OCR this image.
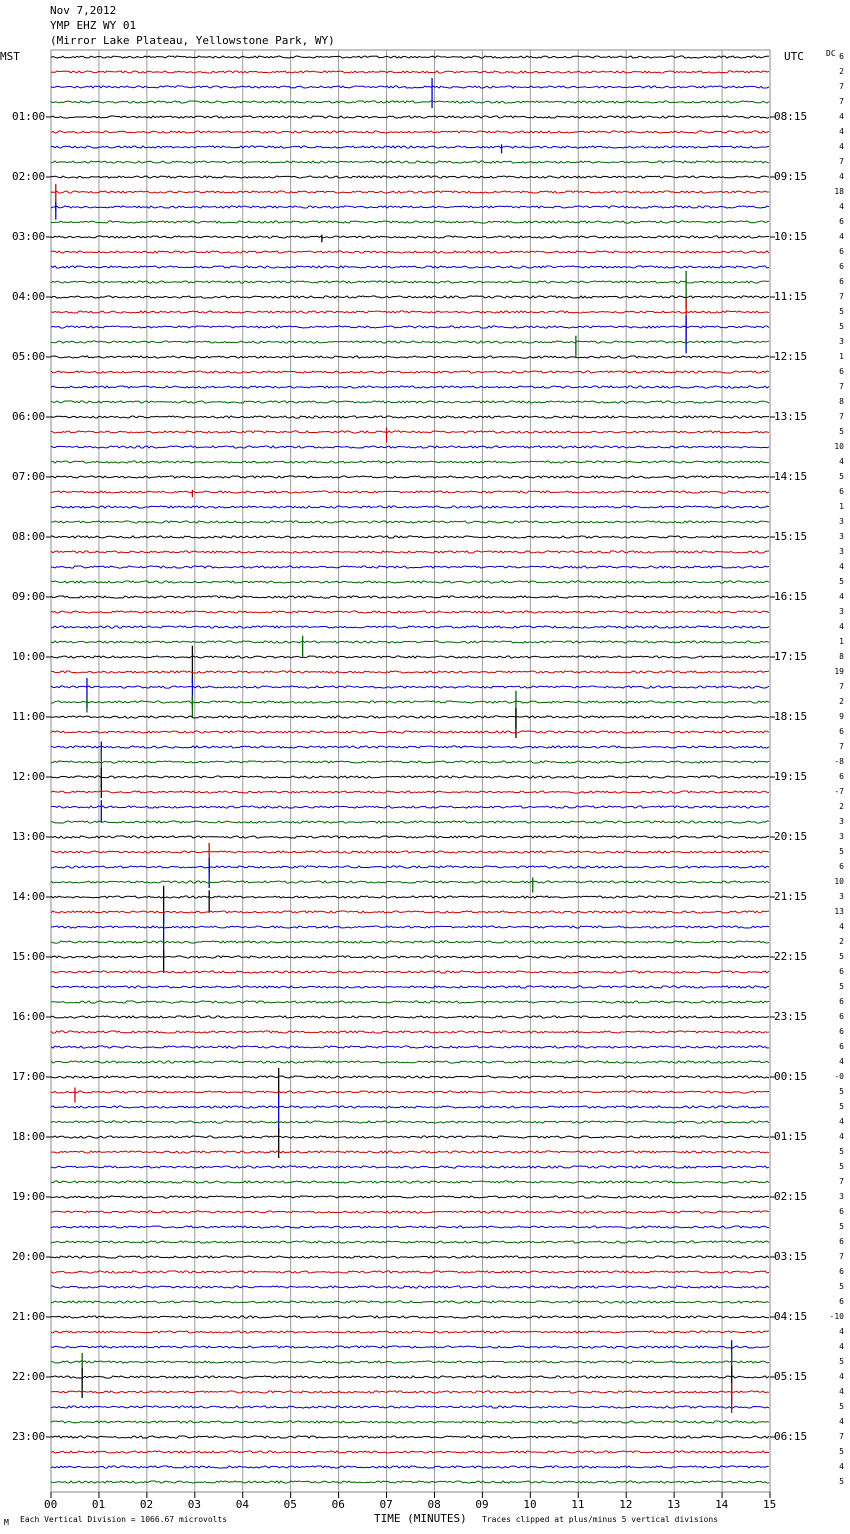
Nov 7,2012
YMP EHZ WY 01
(Mirror Lake Plateau, Yellowstone Park, WY)
MST	UTC	DC
00	01	02	03	04	05	06	07	08	09	10	11	12	13	14	15
01:00	08:15
02:00	09:15
03:00	10:15
04:00	11:15
05:00	12:15
06:00	13:15
07:00	14:15
08:00	15:15
09:00	16:15
10:00	17:15
11:00	18:15
12:00	19:15
13:00	20:15
14:00	21:15
15:00	22:15
16:00	23:15
17:00	00:15
18:00	01:15
19:00	02:15
20:00	03:15
21:00	04:15
22:00	05:15
23:00	06:15
6
2
7
7
4
4
4
7
4
18
4
6
4
6
6
6
7
5
5
3
1
6
7
8
7
5
10
4
5
6
1
3
3
3
4
5
4
3
4
1
8
19
7
2
9
6
7
-8
6
-7
2
3
3
5
6
10
3
13
4
2
5
6
5
6
6
6
6
4
-0
5
5
4
4
5
5
7
3
6
5
6
7
6
5
6
-10
4
4
5
4
4
5
4
7
5
4
5
M Each Vertical Division = 1066.67 microvolts	TIME (MINUTES) Traces clipped at plus/minus 5 vertical divisions
